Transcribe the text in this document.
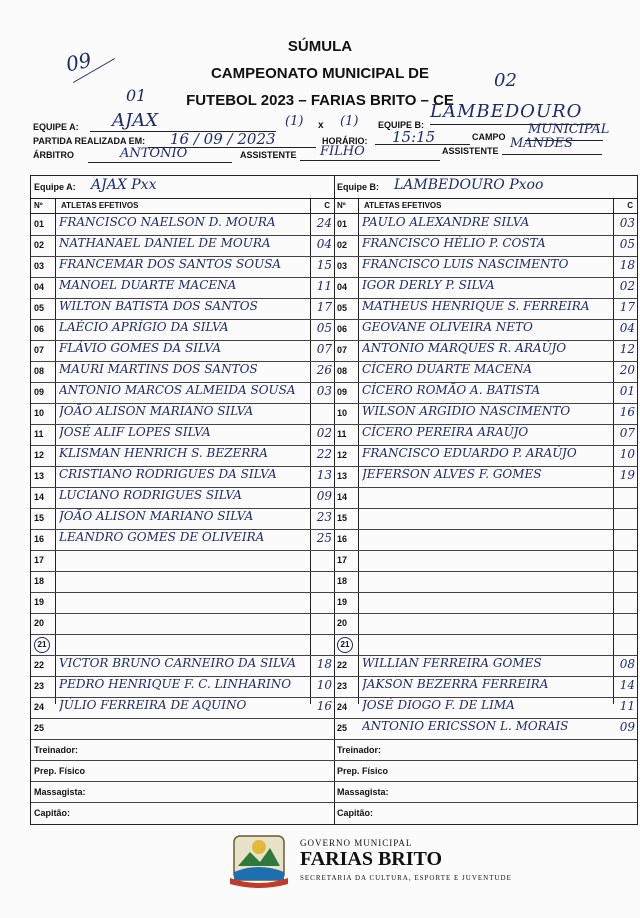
SÚMULA
CAMPEONATO MUNICIPAL DE
FUTEBOL 2023 – FARIAS BRITO – CE
09
01
02
EQUIPE A: AJAX	(1) x (1) EQUIPE B:
LAMBEDOURO
PARTIDA REALIZADA EM: 16 / 09 / 2023	HORÁRIO: 15:15	CAMPO MUNICIPAL
ÁRBITRO	ANTONIO	ASSISTENTE FILHO	ASSISTENTE MANDES
Equipe A: AJAX Pxx
Nº ATLETAS EFETIVOS	C
01 FRANCISCO NAELSON D. MOURA	24
02 NATHANAEL DANIEL DE MOURA	04
03 FRANCEMAR DOS SANTOS SOUSA	15
04 MANOEL DUARTE MACENA	11
05 WILTON BATISTA DOS SANTOS	17
06 LAÉCIO APRÍGIO DA SILVA	05
07 FLÁVIO GOMES DA SILVA	07
08 MAURI MARTINS DOS SANTOS	26
09 ANTONIO MARCOS ALMEIDA SOUSA	03
10 JOÃO ALISON MARIANO SILVA
11 JOSÉ ALIF LOPES SILVA	02
12 KLISMAN HENRICH S. BEZERRA	22
13 CRISTIANO RODRIGUES DA SILVA	13
14 LUCIANO RODRIGUES SILVA	09
15 JOÃO ALISON MARIANO SILVA	23
16 LEANDRO GOMES DE OLIVEIRA	25
17
18
19
20
21
22 VICTOR BRUNO CARNEIRO DA SILVA	18
23 PEDRO HENRIQUE F. C. LINHARINO	10
24 JÚLIO FERREIRA DE AQUINO	16
25
Treinador:
Prep. Físico
Massagista:
Capitão:
Equipe B: LAMBEDOURO Pxoo
Nº ATLETAS EFETIVOS	C
01 PAULO ALEXANDRE SILVA	03
02 FRANCISCO HÉLIO P. COSTA	05
03 FRANCISCO LUIS NASCIMENTO	18
04 IGOR DERLY P. SILVA	02
05 MATHEUS HENRIQUE S. FERREIRA	17
06 GEOVANE OLIVEIRA NETO	04
07 ANTONIO MARQUES R. ARAÚJO	12
08 CÍCERO DUARTE MACENA	20
09 CÍCERO ROMÃO A. BATISTA	01
10 WILSON ARGIDIO NASCIMENTO	16
11 CÍCERO PEREIRA ARAÚJO	07
12 FRANCISCO EDUARDO P. ARAÚJO	10
13 JEFERSON ALVES F. GOMES	19
14
15
16
17
18
19
20
21
22 WILLIAN FERREIRA GOMES	08
23 JAKSON BEZERRA FERREIRA	14
24 JOSÉ DIOGO F. DE LIMA	11
25 ANTONIO ERICSSON L. MORAIS	09
Treinador:
Prep. Físico
Massagista:
Capitão:
GOVERNO MUNICIPAL
FARIAS BRITO
SECRETARIA DA CULTURA, ESPORTE E JUVENTUDE
